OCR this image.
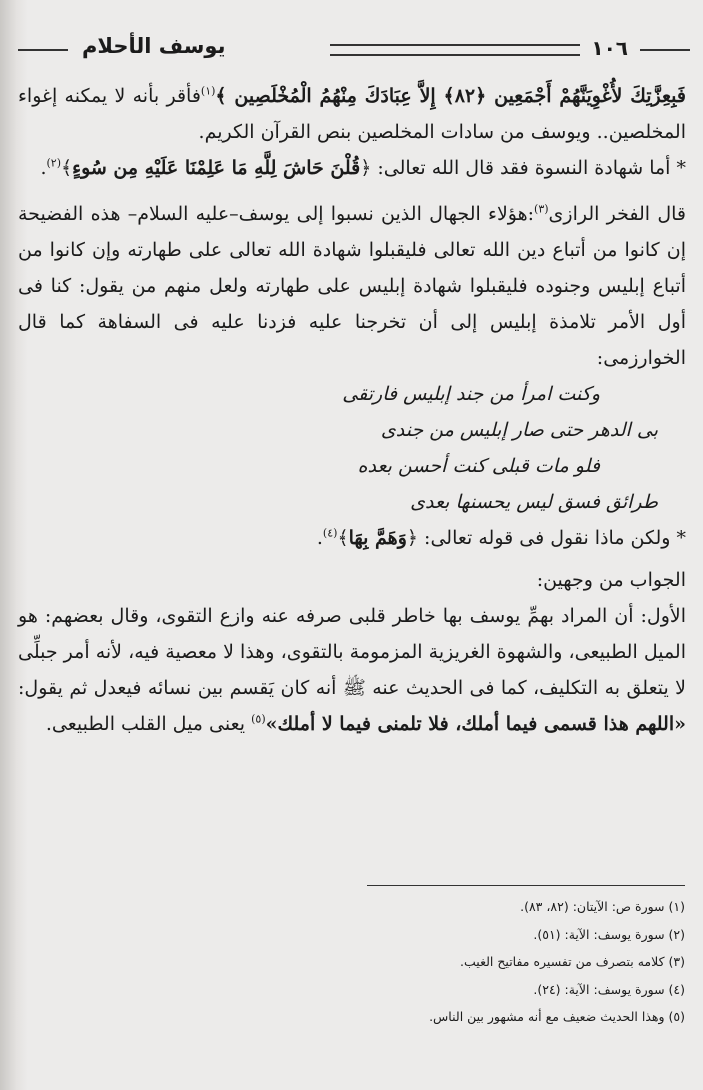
١٠٦
يوسف الأحلام

فَبِعِزَّتِكَ لأُغْوِيَنَّهُمْ أَجْمَعِين ﴿٨٢﴾ إِلاَّ عِبَادَكَ مِنْهُمُ الْمُخْلَصِين ﴾$^{(١)}$فأقر بأنه لا يمكنه إغواء المخلصين.. ويوسف من سادات المخلصين بنص القرآن الكريم.

* أما شهادة النسوة فقد قال الله تعالى: ﴿قُلْنَ حَاشَ لِلَّهِ مَا عَلِمْنَا عَلَيْهِ مِن سُوءٍ﴾$^{(٢)}$.

قال الفخر الرازى$^{(٣)}$:هؤلاء الجهال الذين نسبوا إلى يوسف–عليه السلام– هذه الفضيحة إن كانوا من أتباع دين الله تعالى فليقبلوا شهادة الله تعالى على طهارته وإن كانوا من أتباع إبليس وجنوده فليقبلوا شهادة إبليس على طهارته ولعل منهم من يقول: كنا فى أول الأمر تلامذة إبليس إلى أن تخرجنا عليه فزدنا عليه فى السفاهة كما قال الخوارزمى:

وكنت امرأ من جند إبليس فارتقى

بى الدهر حتى صار إبليس من جندى

فلو مات قبلى كنت أحسن بعده

طرائق فسق ليس يحسنها بعدى

* ولكن ماذا نقول فى قوله تعالى: ﴿وَهَمَّ بِهَا﴾$^{(٤)}$.

الجواب من وجهين:

الأول: أن المراد بهمِّ يوسف بها خاطر قلبى صرفه عنه وازع التقوى، وقال بعضهم: هو الميل الطبيعى، والشهوة الغريزية المزمومة بالتقوى، وهذا لا معصية فيه، لأنه أمر جبلِّى لا يتعلق به التكليف، كما فى الحديث عنه ﷺ أنه كان يَقسم بين نسائه فيعدل ثم يقول: «اللهم هذا قسمى فيما أملك، فلا تلمنى فيما لا أملك»$^{(٥)}$ يعنى ميل القلب الطبيعى.

(١) سورة ص: الآيتان: (٨٢، ٨٣).
(٢) سورة يوسف: الآية: (٥١).
(٣) كلامه بتصرف من تفسيره مفاتيح الغيب.
(٤) سورة يوسف: الآية: (٢٤).
(٥) وهذا الحديث ضعيف مع أنه مشهور بين الناس.
